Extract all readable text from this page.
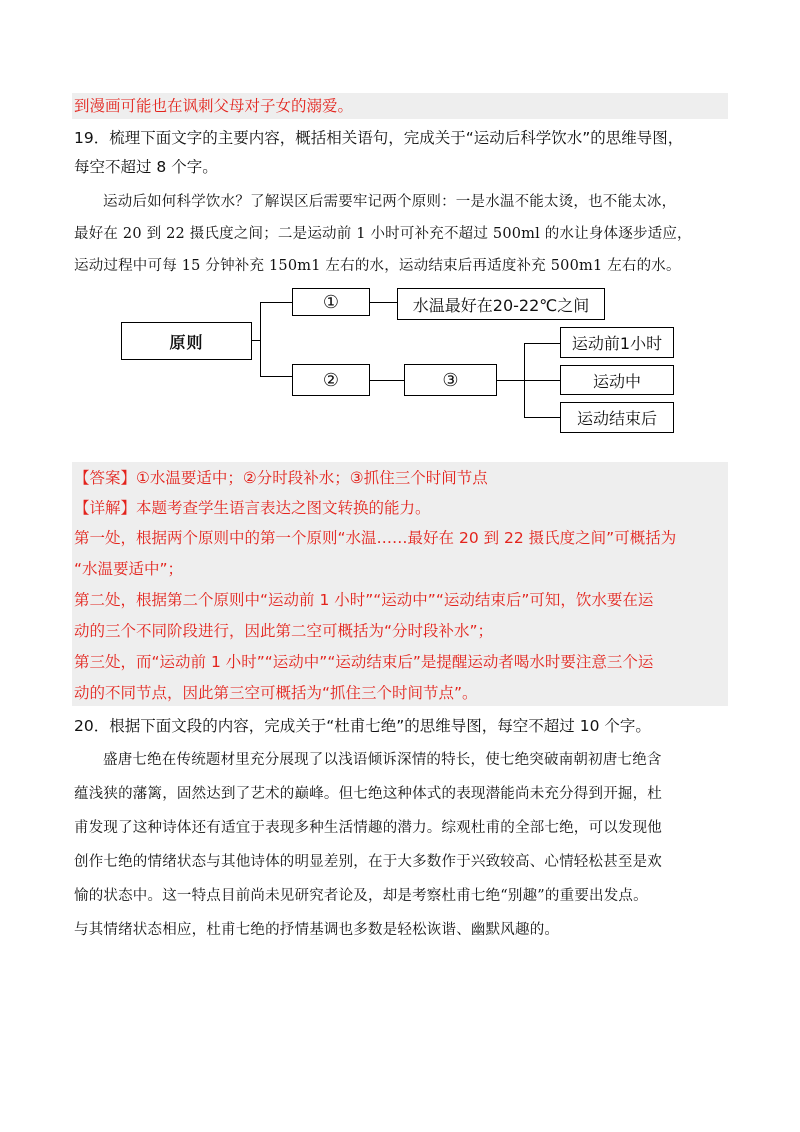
到漫画可能也在讽刺父母对子女的溺爱。
19．梳理下面文字的主要内容，概括相关语句，完成关于“运动后科学饮水”的思维导图，
每空不超过 8 个字。
运动后如何科学饮水？了解误区后需要牢记两个原则：一是水温不能太烫，也不能太冰，
最好在 20 到 22 摄氏度之间；二是运动前 1 小时可补充不超过 500ml 的水让身体逐步适应，
运动过程中可每 15 分钟补充 150m1 左右的水，运动结束后再适度补充 500m1 左右的水。
原则
①	水温最好在20-22℃之间
②	③
运动前1小时
运动中
运动结束后
【答案】①水温要适中；②分时段补水；③抓住三个时间节点
【详解】本题考查学生语言表达之图文转换的能力。
第一处，根据两个原则中的第一个原则“水温……最好在 20 到 22 摄氏度之间”可概括为
“水温要适中”；
第二处，根据第二个原则中“运动前 1 小时”“运动中”“运动结束后”可知，饮水要在运
动的三个不同阶段进行，因此第二空可概括为“分时段补水”；
第三处，而“运动前 1 小时”“运动中”“运动结束后”是提醒运动者喝水时要注意三个运
动的不同节点，因此第三空可概括为“抓住三个时间节点”。
20．根据下面文段的内容，完成关于“杜甫七绝”的思维导图，每空不超过 10 个字。
盛唐七绝在传统题材里充分展现了以浅语倾诉深情的特长，使七绝突破南朝初唐七绝含
蕴浅狭的藩篱，固然达到了艺术的巅峰。但七绝这种体式的表现潜能尚未充分得到开掘，杜
甫发现了这种诗体还有适宜于表现多种生活情趣的潜力。综观杜甫的全部七绝，可以发现他
创作七绝的情绪状态与其他诗体的明显差别，在于大多数作于兴致较高、心情轻松甚至是欢
愉的状态中。这一特点目前尚未见研究者论及，却是考察杜甫七绝“别趣”的重要出发点。
与其情绪状态相应，杜甫七绝的抒情基调也多数是轻松诙谐、幽默风趣的。
